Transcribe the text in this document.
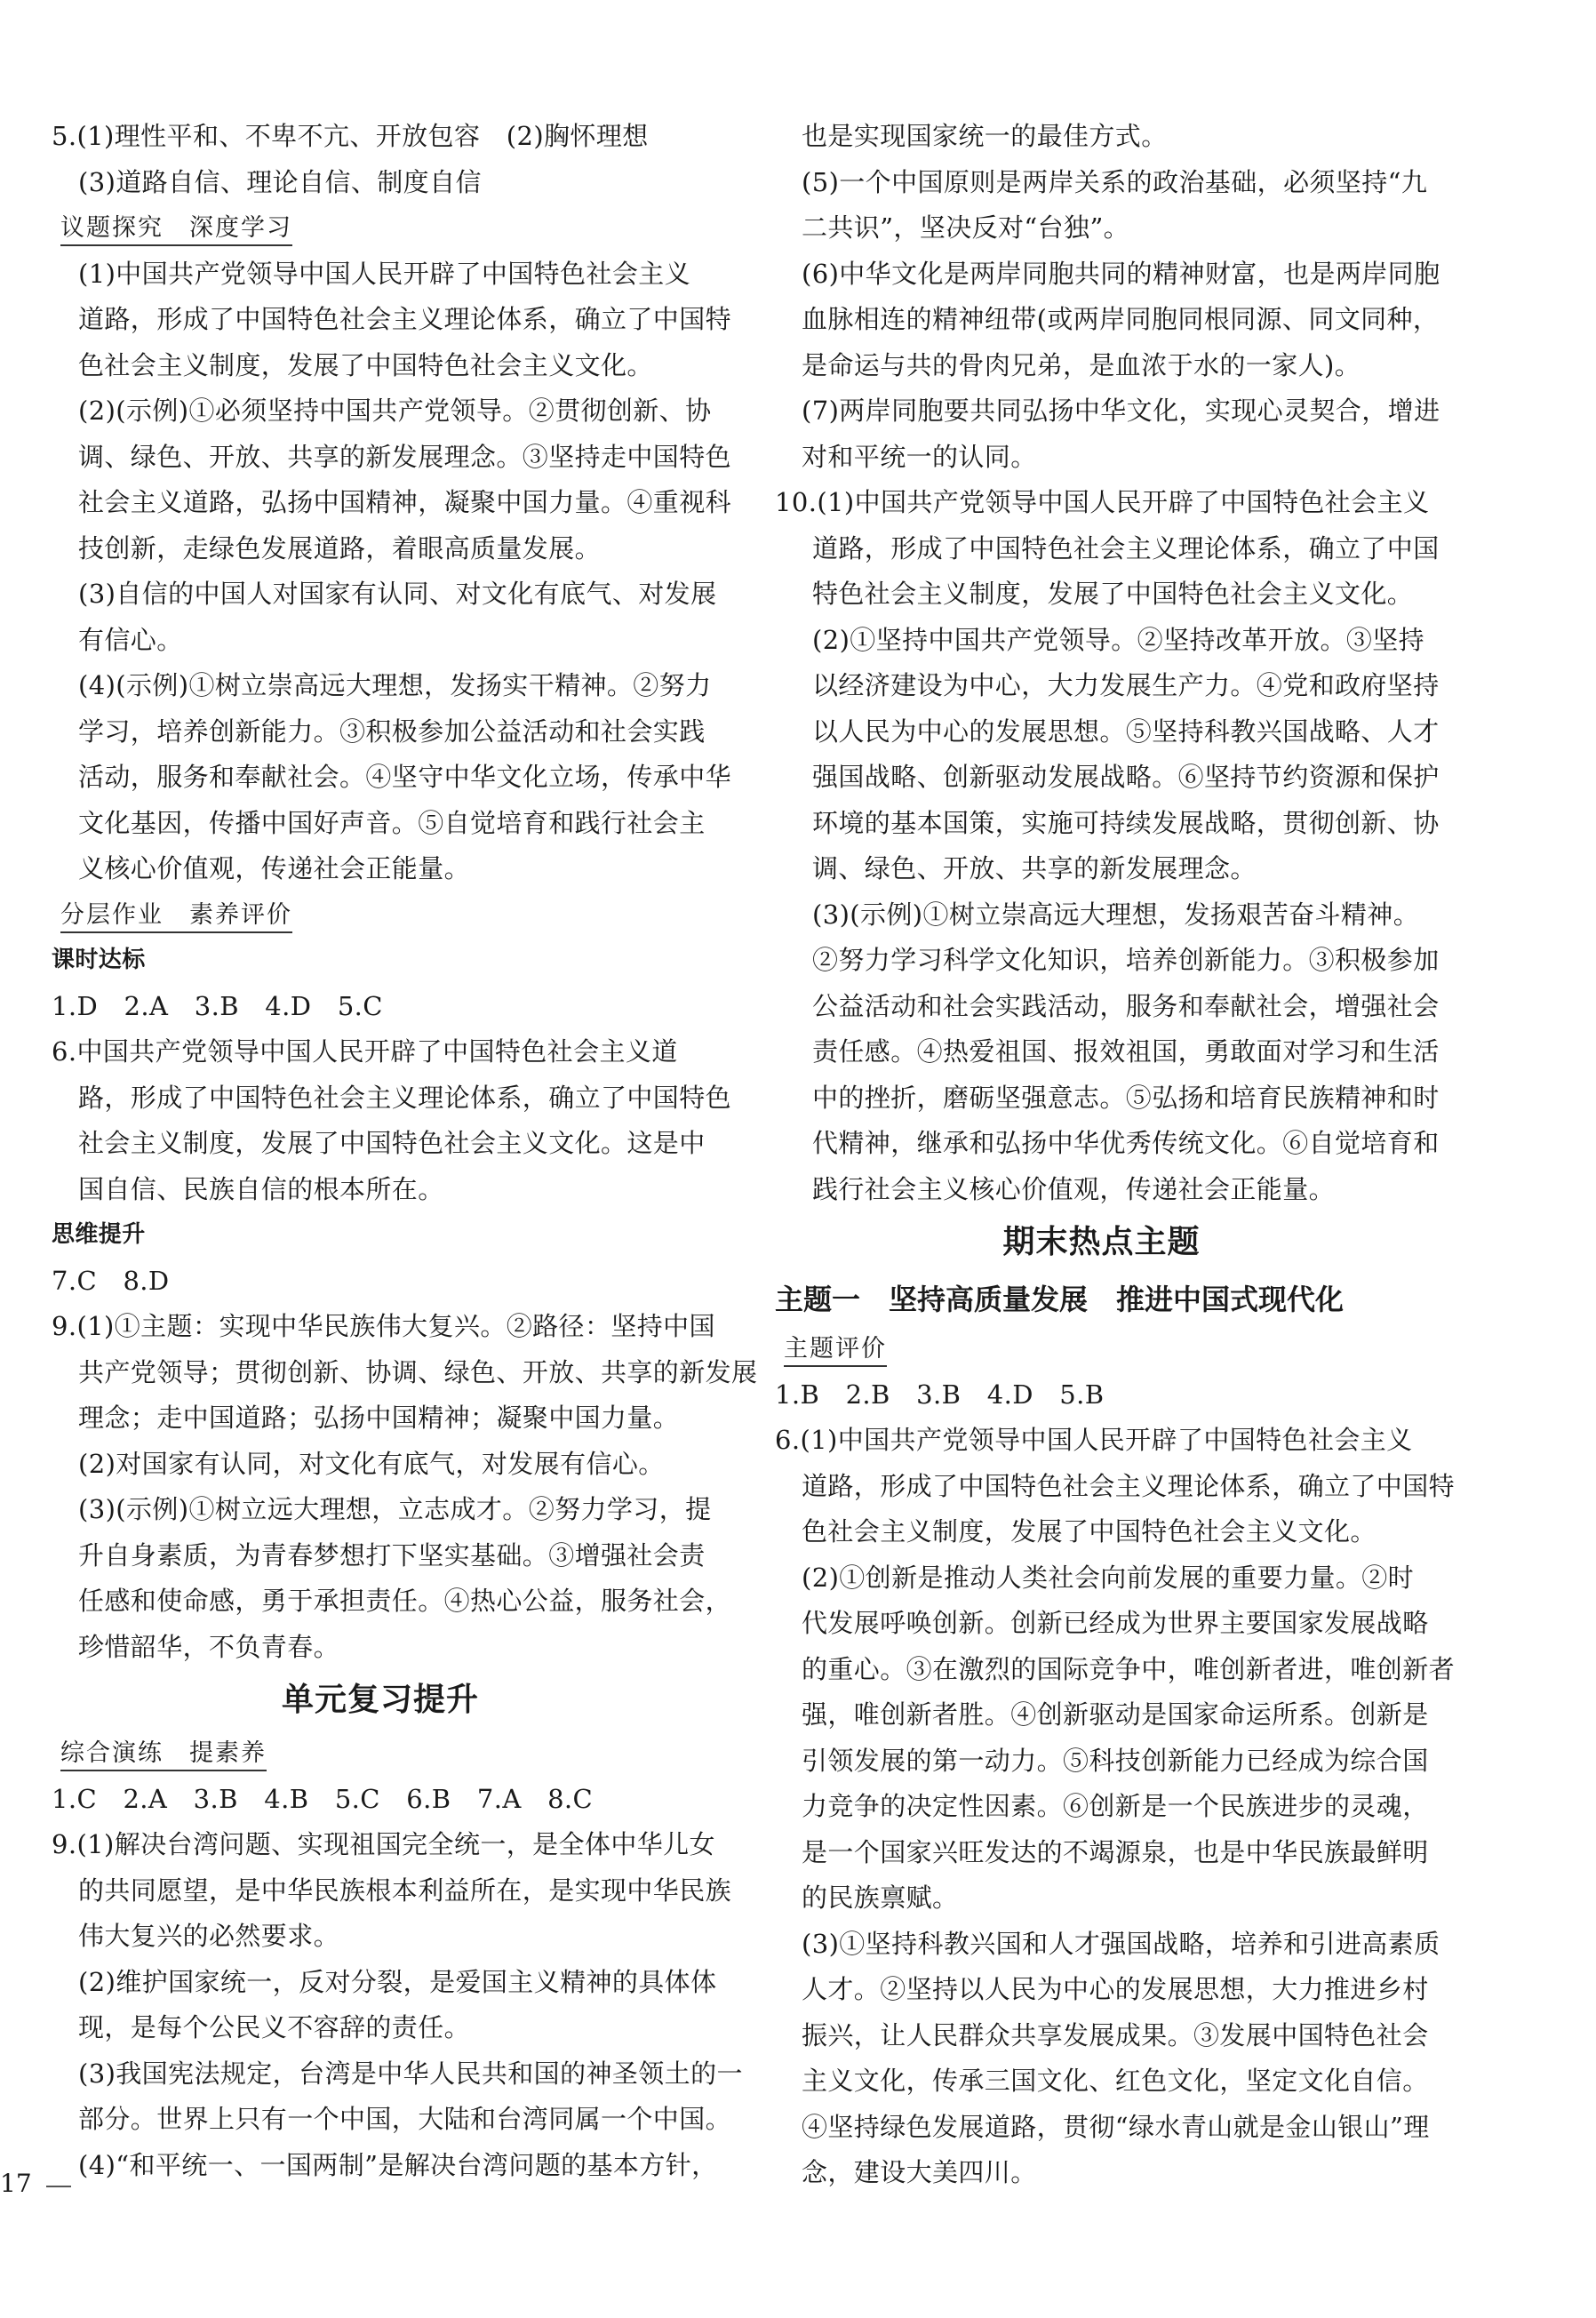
5.(1)理性平和、不卑不亢、开放包容　(2)胸怀理想
(3)道路自信、理论自信、制度自信
议题探究　深度学习
(1)中国共产党领导中国人民开辟了中国特色社会主义
道路，形成了中国特色社会主义理论体系，确立了中国特
色社会主义制度，发展了中国特色社会主义文化。
(2)(示例)①必须坚持中国共产党领导。②贯彻创新、协
调、绿色、开放、共享的新发展理念。③坚持走中国特色
社会主义道路，弘扬中国精神，凝聚中国力量。④重视科
技创新，走绿色发展道路，着眼高质量发展。
(3)自信的中国人对国家有认同、对文化有底气、对发展
有信心。
(4)(示例)①树立崇高远大理想，发扬实干精神。②努力
学习，培养创新能力。③积极参加公益活动和社会实践
活动，服务和奉献社会。④坚守中华文化立场，传承中华
文化基因，传播中国好声音。⑤自觉培育和践行社会主
义核心价值观，传递社会正能量。
分层作业　素养评价
课时达标
1.D　2.A　3.B　4.D　5.C
6.中国共产党领导中国人民开辟了中国特色社会主义道
路，形成了中国特色社会主义理论体系，确立了中国特色
社会主义制度，发展了中国特色社会主义文化。这是中
国自信、民族自信的根本所在。
思维提升
7.C　8.D
9.(1)①主题：实现中华民族伟大复兴。②路径：坚持中国
共产党领导；贯彻创新、协调、绿色、开放、共享的新发展
理念；走中国道路；弘扬中国精神；凝聚中国力量。
(2)对国家有认同，对文化有底气，对发展有信心。
(3)(示例)①树立远大理想，立志成才。②努力学习，提
升自身素质，为青春梦想打下坚实基础。③增强社会责
任感和使命感，勇于承担责任。④热心公益，服务社会，
珍惜韶华，不负青春。
单元复习提升
综合演练　提素养
1.C　2.A　3.B　4.B　5.C　6.B　7.A　8.C
9.(1)解决台湾问题、实现祖国完全统一，是全体中华儿女
的共同愿望，是中华民族根本利益所在，是实现中华民族
伟大复兴的必然要求。
(2)维护国家统一，反对分裂，是爱国主义精神的具体体
现，是每个公民义不容辞的责任。
(3)我国宪法规定，台湾是中华人民共和国的神圣领土的一
部分。世界上只有一个中国，大陆和台湾同属一个中国。
(4)“和平统一、一国两制”是解决台湾问题的基本方针，
也是实现国家统一的最佳方式。
(5)一个中国原则是两岸关系的政治基础，必须坚持“九
二共识”，坚决反对“台独”。
(6)中华文化是两岸同胞共同的精神财富，也是两岸同胞
血脉相连的精神纽带(或两岸同胞同根同源、同文同种，
是命运与共的骨肉兄弟，是血浓于水的一家人)。
(7)两岸同胞要共同弘扬中华文化，实现心灵契合，增进
对和平统一的认同。
10.(1)中国共产党领导中国人民开辟了中国特色社会主义
道路，形成了中国特色社会主义理论体系，确立了中国
特色社会主义制度，发展了中国特色社会主义文化。
(2)①坚持中国共产党领导。②坚持改革开放。③坚持
以经济建设为中心，大力发展生产力。④党和政府坚持
以人民为中心的发展思想。⑤坚持科教兴国战略、人才
强国战略、创新驱动发展战略。⑥坚持节约资源和保护
环境的基本国策，实施可持续发展战略，贯彻创新、协
调、绿色、开放、共享的新发展理念。
(3)(示例)①树立崇高远大理想，发扬艰苦奋斗精神。
②努力学习科学文化知识，培养创新能力。③积极参加
公益活动和社会实践活动，服务和奉献社会，增强社会
责任感。④热爱祖国、报效祖国，勇敢面对学习和生活
中的挫折，磨砺坚强意志。⑤弘扬和培育民族精神和时
代精神，继承和弘扬中华优秀传统文化。⑥自觉培育和
践行社会主义核心价值观，传递社会正能量。
期末热点主题
主题一　坚持高质量发展　推进中国式现代化
主题评价
1.B　2.B　3.B　4.D　5.B
6.(1)中国共产党领导中国人民开辟了中国特色社会主义
道路，形成了中国特色社会主义理论体系，确立了中国特
色社会主义制度，发展了中国特色社会主义文化。
(2)①创新是推动人类社会向前发展的重要力量。②时
代发展呼唤创新。创新已经成为世界主要国家发展战略
的重心。③在激烈的国际竞争中，唯创新者进，唯创新者
强，唯创新者胜。④创新驱动是国家命运所系。创新是
引领发展的第一动力。⑤科技创新能力已经成为综合国
力竞争的决定性因素。⑥创新是一个民族进步的灵魂，
是一个国家兴旺发达的不竭源泉，也是中华民族最鲜明
的民族禀赋。
(3)①坚持科教兴国和人才强国战略，培养和引进高素质
人才。②坚持以人民为中心的发展思想，大力推进乡村
振兴，让人民群众共享发展成果。③发展中国特色社会
主义文化，传承三国文化、红色文化，坚定文化自信。
④坚持绿色发展道路，贯彻“绿水青山就是金山银山”理
念，建设大美四川。
17
